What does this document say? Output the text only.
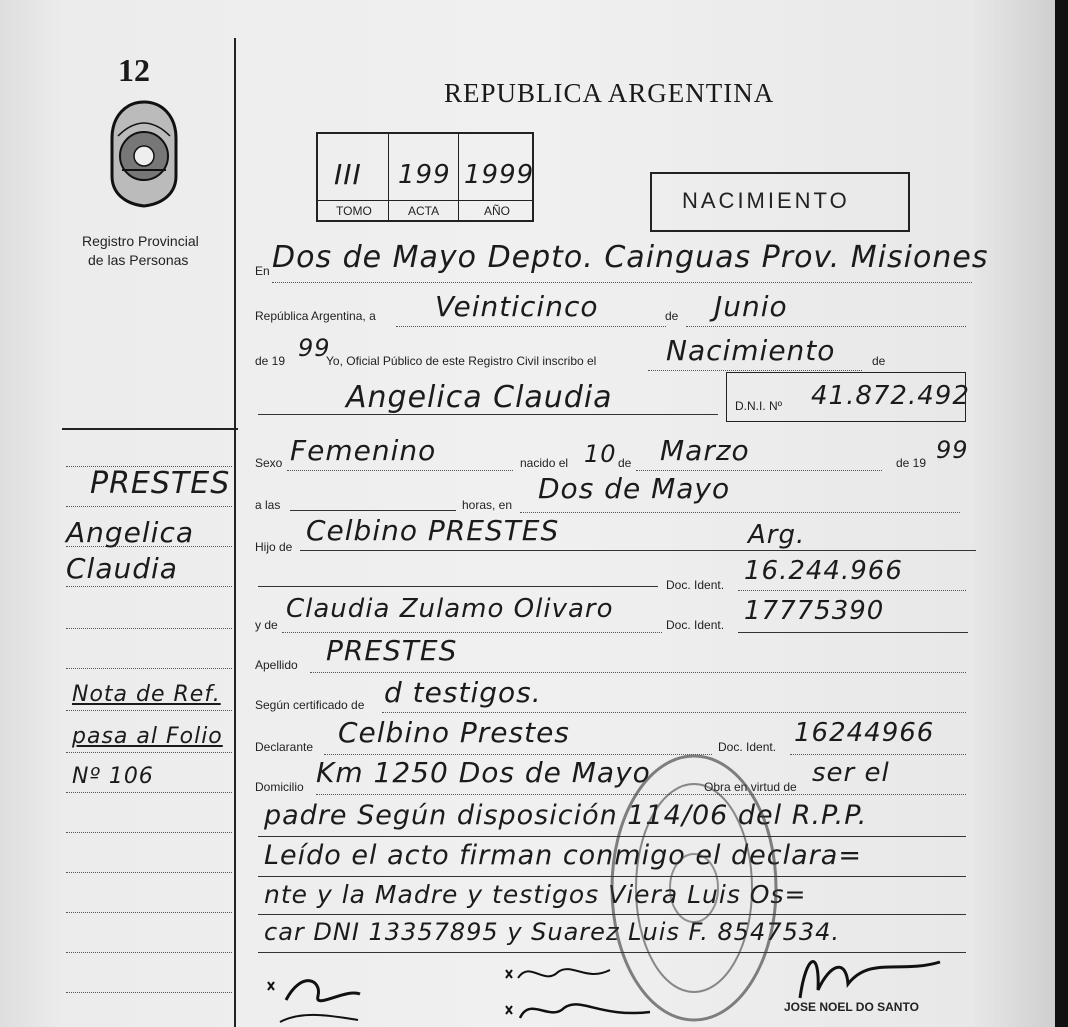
12
Registro Provincial
de las Personas
REPUBLICA ARGENTINA
III 199 1999
TOMO	ACTA	AÑO	NACIMIENTO
En Dos de Mayo Depto. Cainguas Prov. Misiones
República Argentina, a Veinticinco	de Junio
de 19 99
Yo, Oficial Público de este Registro Civil inscribo el Nacimiento	de
Angelica Claudia	D.N.I. Nº 41.872.492
Sexo Femenino	nacido el 10 de Marzo	de 19 99
a las	horas, en Dos de Mayo
Hijo de Celbino PRESTES	Arg.
Doc. Ident. 16.244.966
y de
Claudia Zulamo Olivaro
Doc. Ident. 17775390
Apellido PRESTES
Según certificado de d testigos.
Declarante Celbino Prestes	Doc. Ident. 16244966
Domicilio Km 1250 Dos de Mayo	Obra en virtud de ser el
padre Según disposición 114/06 del R.P.P.
Leído el acto firman conmigo el declara=
nte y la Madre y testigos Viera Luis Os=
car DNI 13357895 y Suarez Luis F. 8547534.
JOSE NOEL DO SANTO
PRESTES
Angelica
Claudia
Nota de Ref.
pasa al Folio
Nº 106
